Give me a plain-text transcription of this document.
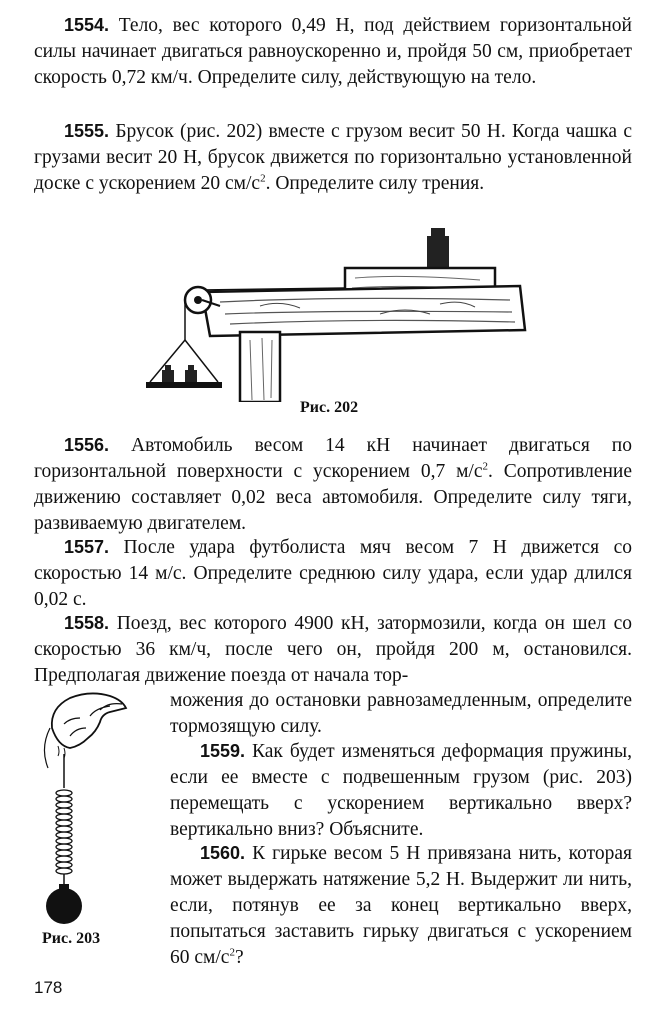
1554. Тело, вес которого 0,49 Н, под действием горизонтальной силы начинает двигаться равноускоренно и, пройдя 50 см, приобретает скорость 0,72 км/ч. Определите силу, действующую на тело.
1555. Брусок (рис. 202) вместе с грузом весит 50 Н. Когда чашка с грузами весит 20 Н, брусок движется по горизонтально установленной доске с ускорением 20 $см/с^2$. Определите силу трения.
Рис. 202
1556. Автомобиль весом 14 кН начинает двигаться по горизонтальной поверхности с ускорением 0,7 $м/с^2$. Сопротивление движению составляет 0,02 веса автомобиля. Определите силу тяги, развиваемую двигателем.
1557. После удара футболиста мяч весом 7 Н движется со скоростью 14 м/с. Определите среднюю силу удара, если удар длился 0,02 с.
1558. Поезд, вес которого 4900 кН, затормозили, когда он шел со скоростью 36 км/ч, после чего он, пройдя 200 м, остановился. Предполагая движение поезда от начала тор-
можения до остановки равнозамедленным, определите тормозящую силу.
1559. Как будет изменяться деформация пружины, если ее вместе с подвешенным грузом (рис. 203) перемещать с ускорением вертикально вверх? вертикально вниз? Объясните.
1560. К гирьке весом 5 Н привязана нить, которая может выдержать натяжение 5,2 Н. Выдержит ли нить, если, потянув ее за конец вертикально вверх, попытаться заставить гирьку двигаться с ускорением 60 $см/с^2$?
Рис. 203
178
